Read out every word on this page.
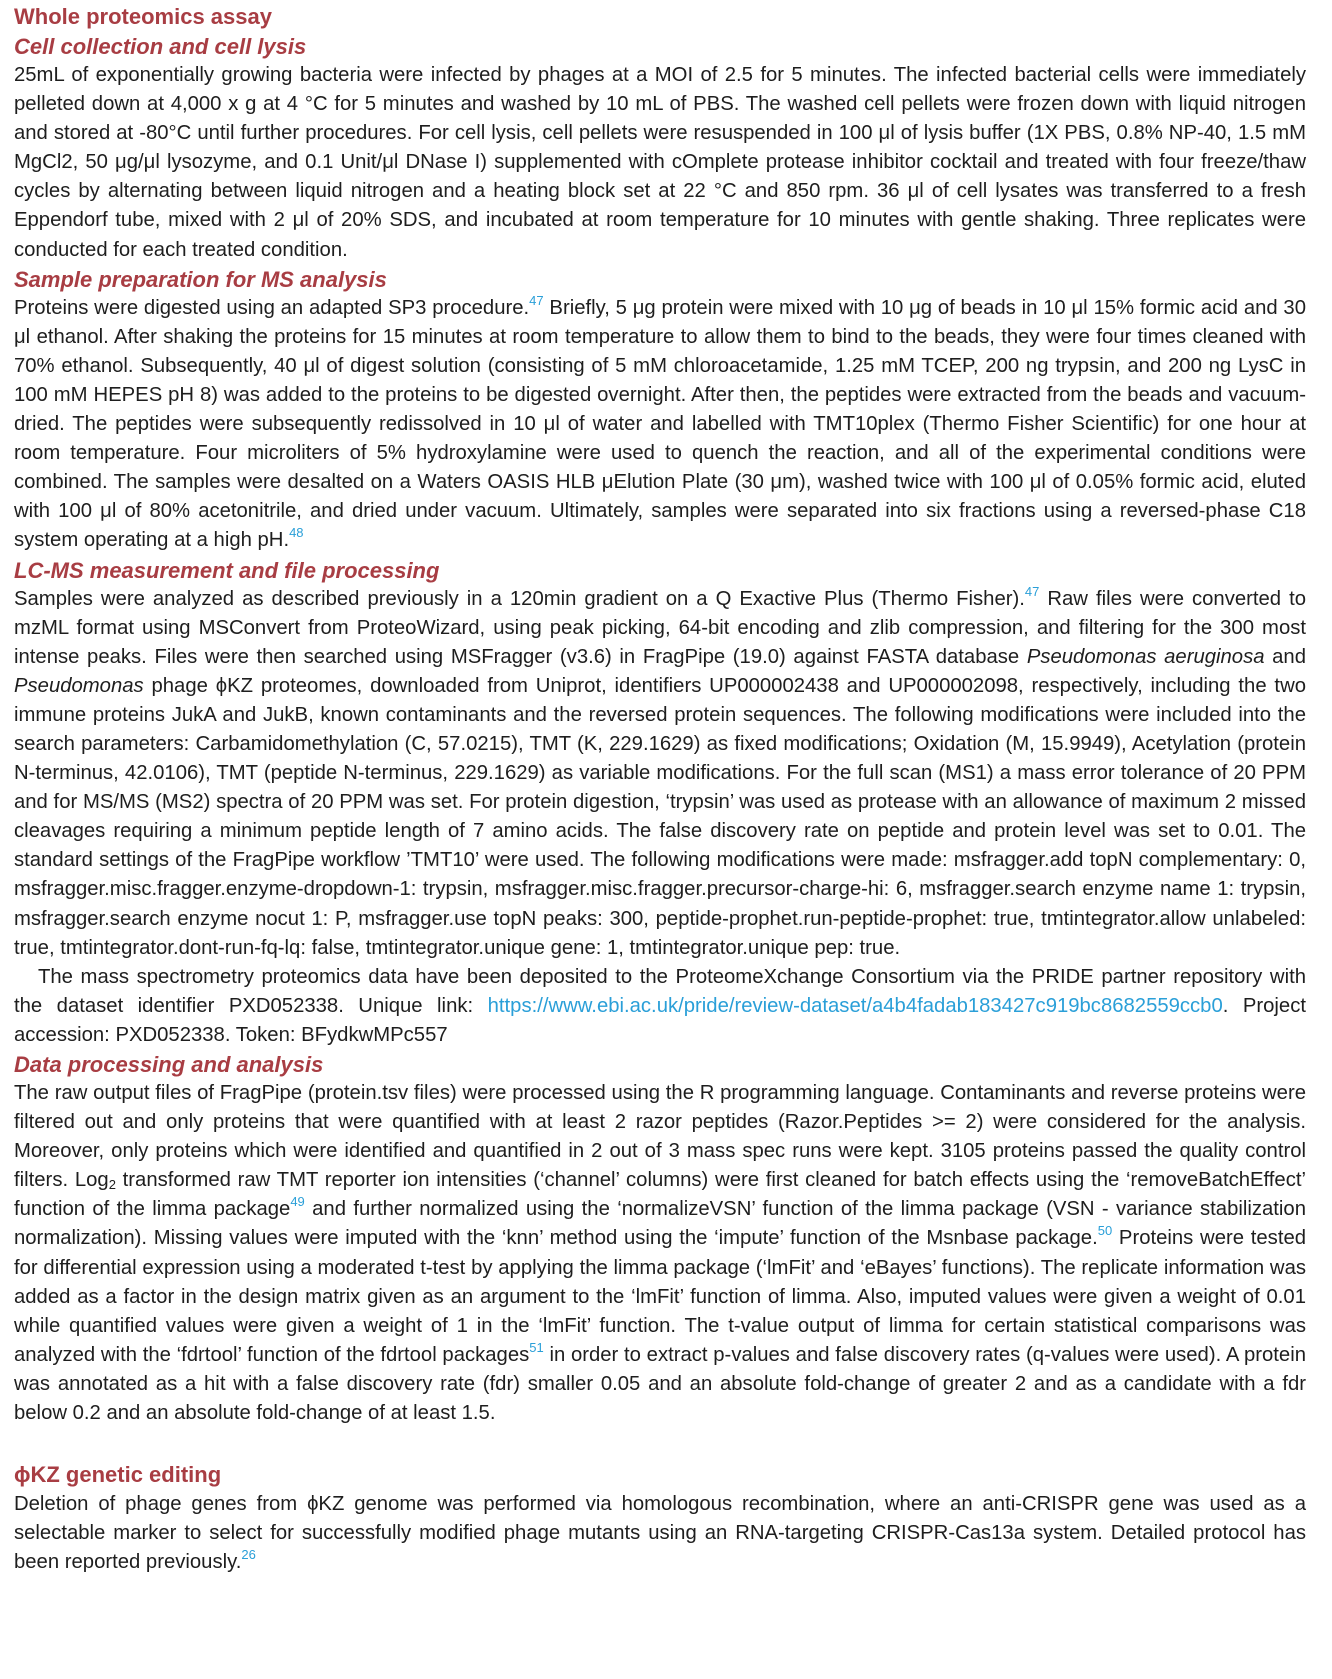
Whole proteomics assay
Cell collection and cell lysis

25mL of exponentially growing bacteria were infected by phages at a MOI of 2.5 for 5 minutes. The infected bacterial cells were immediately pelleted down at 4,000 x g at 4 °C for 5 minutes and washed by 10 mL of PBS. The washed cell pellets were frozen down with liquid nitrogen and stored at -80°C until further procedures. For cell lysis, cell pellets were resuspended in 100 μl of lysis buffer (1X PBS, 0.8% NP-40, 1.5 mM MgCl2, 50 μg/μl lysozyme, and 0.1 Unit/μl DNase I) supplemented with cOmplete protease inhibitor cocktail and treated with four freeze/thaw cycles by alternating between liquid nitrogen and a heating block set at 22 °C and 850 rpm. 36 μl of cell lysates was transferred to a fresh Eppendorf tube, mixed with 2 μl of 20% SDS, and incubated at room temperature for 10 minutes with gentle shaking. Three replicates were conducted for each treated condition.

Sample preparation for MS analysis

Proteins were digested using an adapted SP3 procedure.$^{47}$ Briefly, 5 μg protein were mixed with 10 μg of beads in 10 μl 15% formic acid and 30 μl ethanol. After shaking the proteins for 15 minutes at room temperature to allow them to bind to the beads, they were four times cleaned with 70% ethanol. Subsequently, 40 μl of digest solution (consisting of 5 mM chloroacetamide, 1.25 mM TCEP, 200 ng trypsin, and 200 ng LysC in 100 mM HEPES pH 8) was added to the proteins to be digested overnight. After then, the peptides were extracted from the beads and vacuum-dried. The peptides were subsequently redissolved in 10 μl of water and labelled with TMT10plex (Thermo Fisher Scientific) for one hour at room temperature. Four microliters of 5% hydroxylamine were used to quench the reaction, and all of the experimental conditions were combined. The samples were desalted on a Waters OASIS HLB μElution Plate (30 μm), washed twice with 100 μl of 0.05% formic acid, eluted with 100 μl of 80% acetonitrile, and dried under vacuum. Ultimately, samples were separated into six fractions using a reversed-phase C18 system operating at a high pH.$^{48}$

LC-MS measurement and file processing

Samples were analyzed as described previously in a 120min gradient on a Q Exactive Plus (Thermo Fisher).$^{47}$ Raw files were converted to mzML format using MSConvert from ProteoWizard, using peak picking, 64-bit encoding and zlib compression, and filtering for the 300 most intense peaks. Files were then searched using MSFragger (v3.6) in FragPipe (19.0) against FASTA database Pseudomonas aeruginosa and Pseudomonas phage ϕKZ proteomes, downloaded from Uniprot, identifiers UP000002438 and UP000002098, respectively, including the two immune proteins JukA and JukB, known contaminants and the reversed protein sequences. The following modifications were included into the search parameters: Carbamidomethylation (C, 57.0215), TMT (K, 229.1629) as fixed modifications; Oxidation (M, 15.9949), Acetylation (protein N-terminus, 42.0106), TMT (peptide N-terminus, 229.1629) as variable modifications. For the full scan (MS1) a mass error tolerance of 20 PPM and for MS/MS (MS2) spectra of 20 PPM was set. For protein digestion, ‘trypsin’ was used as protease with an allowance of maximum 2 missed cleavages requiring a minimum peptide length of 7 amino acids. The false discovery rate on peptide and protein level was set to 0.01. The standard settings of the FragPipe workflow ’TMT10’ were used. The following modifications were made: msfragger.add topN complementary: 0, msfragger.misc.fragger.enzyme-dropdown-1: trypsin, msfragger.misc.fragger.precursor-charge-hi: 6, msfragger.search enzyme name 1: trypsin, msfragger.search enzyme nocut 1: P, msfragger.use topN peaks: 300, peptide-prophet.run-peptide-prophet: true, tmtintegrator.allow unlabeled: true, tmtintegrator.dont-run-fq-lq: false, tmtintegrator.unique gene: 1, tmtintegrator.unique pep: true.

The mass spectrometry proteomics data have been deposited to the ProteomeXchange Consortium via the PRIDE partner repository with the dataset identifier PXD052338. Unique link: https://www.ebi.ac.uk/pride/review-dataset/a4b4fadab183427c919bc8682559ccb0. Project accession: PXD052338. Token: BFydkwMPc557

Data processing and analysis

The raw output files of FragPipe (protein.tsv files) were processed using the R programming language. Contaminants and reverse proteins were filtered out and only proteins that were quantified with at least 2 razor peptides (Razor.Peptides >= 2) were considered for the analysis. Moreover, only proteins which were identified and quantified in 2 out of 3 mass spec runs were kept. 3105 proteins passed the quality control filters. Log$_2$ transformed raw TMT reporter ion intensities (‘channel’ columns) were first cleaned for batch effects using the ‘removeBatchEffect’ function of the limma package$^{49}$ and further normalized using the ‘normalizeVSN’ function of the limma package (VSN - variance stabilization normalization). Missing values were imputed with the ‘knn’ method using the ‘impute’ function of the Msnbase package.$^{50}$ Proteins were tested for differential expression using a moderated t-test by applying the limma package (‘lmFit’ and ‘eBayes’ functions). The replicate information was added as a factor in the design matrix given as an argument to the ‘lmFit’ function of limma. Also, imputed values were given a weight of 0.01 while quantified values were given a weight of 1 in the ‘lmFit’ function. The t-value output of limma for certain statistical comparisons was analyzed with the ‘fdrtool’ function of the fdrtool packages$^{51}$ in order to extract p-values and false discovery rates (q-values were used). A protein was annotated as a hit with a false discovery rate (fdr) smaller 0.05 and an absolute fold-change of greater 2 and as a candidate with a fdr below 0.2 and an absolute fold-change of at least 1.5.

ϕKZ genetic editing

Deletion of phage genes from ϕKZ genome was performed via homologous recombination, where an anti-CRISPR gene was used as a selectable marker to select for successfully modified phage mutants using an RNA-targeting CRISPR-Cas13a system. Detailed protocol has been reported previously.$^{26}$
